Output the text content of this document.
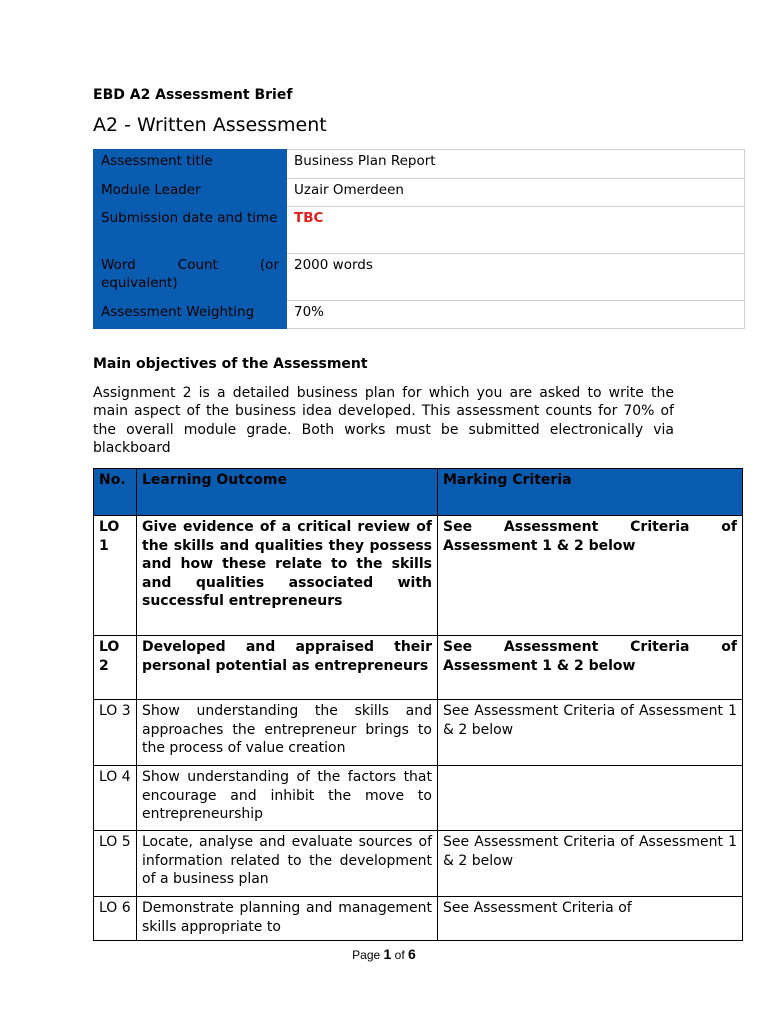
EBD A2 Assessment Brief
A2 - Written Assessment
Assessment title	Business Plan Report
Module Leader	Uzair Omerdeen
Submission date and time	TBC
Word Count (or equivalent)	2000 words
Assessment Weighting	70%
Main objectives of the Assessment

Assignment 2 is a detailed business plan for which you are asked to write the main aspect of the business idea developed. This assessment counts for 70% of the overall module grade. Both works must be submitted electronically via blackboard

No.	Learning Outcome	Marking Criteria
LO 1	Give evidence of a critical review of the skills and qualities they possess and how these relate to the skills and qualities associated with successful entrepreneurs	See Assessment Criteria of Assessment 1 & 2 below
LO 2	Developed and appraised their personal potential as entrepreneurs	See Assessment Criteria of Assessment 1 & 2 below
LO 3	Show understanding the skills and approaches the entrepreneur brings to the process of value creation	See Assessment Criteria of Assessment 1 & 2 below
LO 4	Show understanding of the factors that encourage and inhibit the move to entrepreneurship	
LO 5	Locate, analyse and evaluate sources of information related to the development of a business plan	See Assessment Criteria of Assessment 1 & 2 below
LO 6	Demonstrate planning and management skills appropriate to	See Assessment Criteria of
Page 1 of 6
